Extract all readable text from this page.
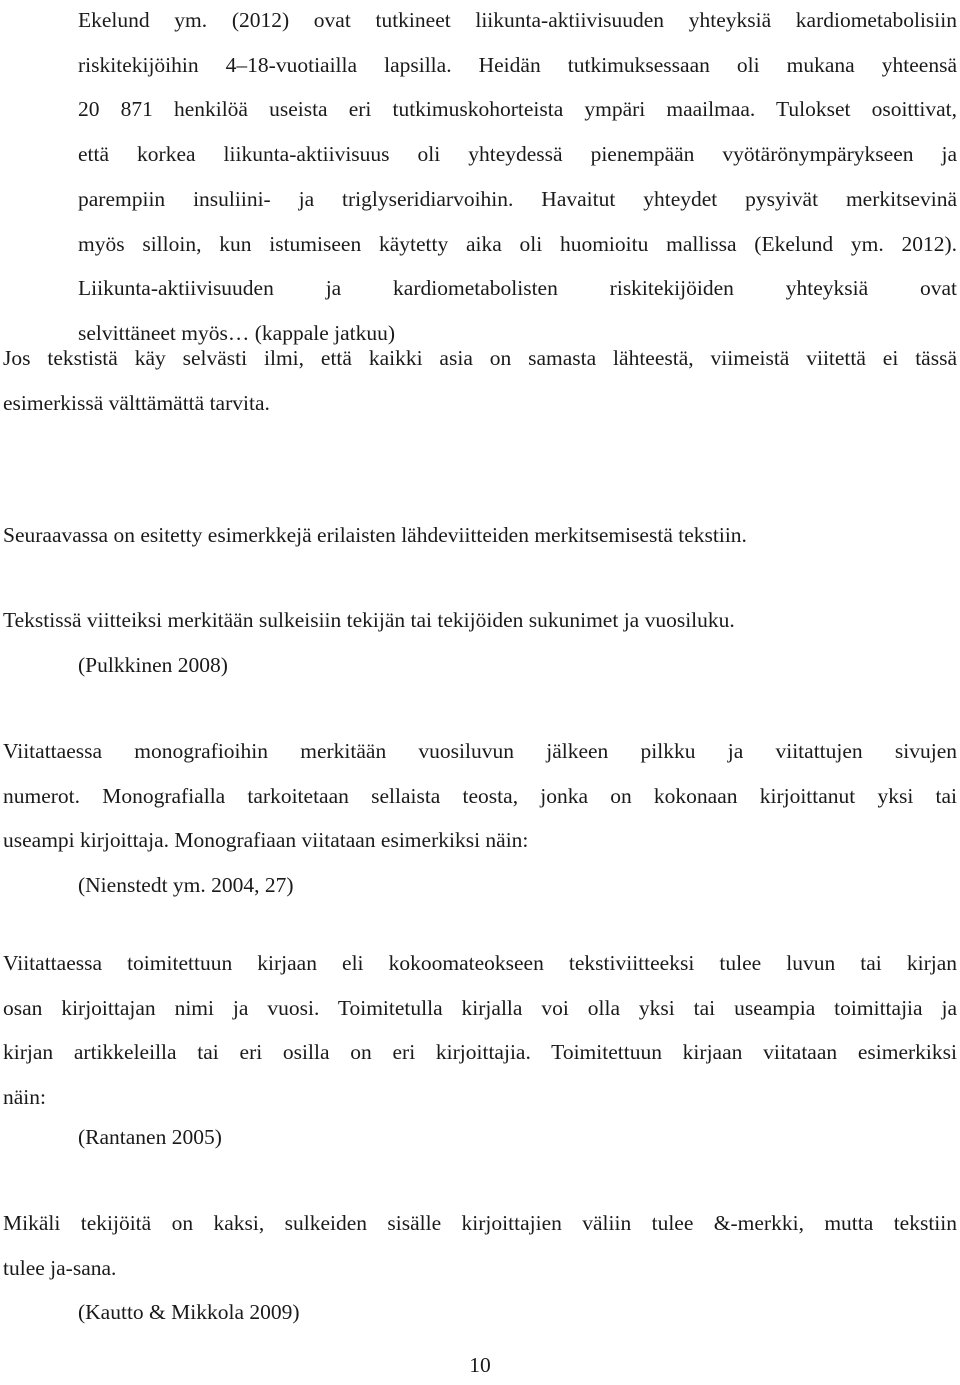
Ekelund ym. (2012) ovat tutkineet liikunta-aktiivisuuden yhteyksiä kardiometabolisiin
riskitekijöihin 4–18-vuotiailla lapsilla. Heidän tutkimuksessaan oli mukana yhteensä
20 871 henkilöä useista eri tutkimuskohorteista ympäri maailmaa. Tulokset osoittivat,
että korkea liikunta-aktiivisuus oli yhteydessä pienempään vyötärönympärykseen ja
parempiin insuliini- ja triglyseridiarvoihin. Havaitut yhteydet pysyivät merkitsevinä
myös silloin, kun istumiseen käytetty aika oli huomioitu mallissa (Ekelund ym. 2012).
Liikunta-aktiivisuuden ja kardiometabolisten riskitekijöiden yhteyksiä ovat
selvittäneet myös… (kappale jatkuu)
Jos tekstistä käy selvästi ilmi, että kaikki asia on samasta lähteestä, viimeistä viitettä ei tässä
esimerkissä välttämättä tarvita.
Seuraavassa on esitetty esimerkkejä erilaisten lähdeviitteiden merkitsemisestä tekstiin.
Tekstissä viitteiksi merkitään sulkeisiin tekijän tai tekijöiden sukunimet ja vuosiluku.

(Pulkkinen 2008)

Viitattaessa monografioihin merkitään vuosiluvun jälkeen pilkku ja viitattujen sivujen
numerot. Monografialla tarkoitetaan sellaista teosta, jonka on kokonaan kirjoittanut yksi tai
useampi kirjoittaja. Monografiaan viitataan esimerkiksi näin:

(Nienstedt ym. 2004, 27)

Viitattaessa toimitettuun kirjaan eli kokoomateokseen tekstiviitteeksi tulee luvun tai kirjan
osan kirjoittajan nimi ja vuosi. Toimitetulla kirjalla voi olla yksi tai useampia toimittajia ja
kirjan artikkeleilla tai eri osilla on eri kirjoittajia. Toimitettuun kirjaan viitataan esimerkiksi
näin:

(Rantanen 2005)

Mikäli tekijöitä on kaksi, sulkeiden sisälle kirjoittajien väliin tulee &-merkki, mutta tekstiin
tulee ja-sana.

(Kautto & Mikkola 2009)

10
